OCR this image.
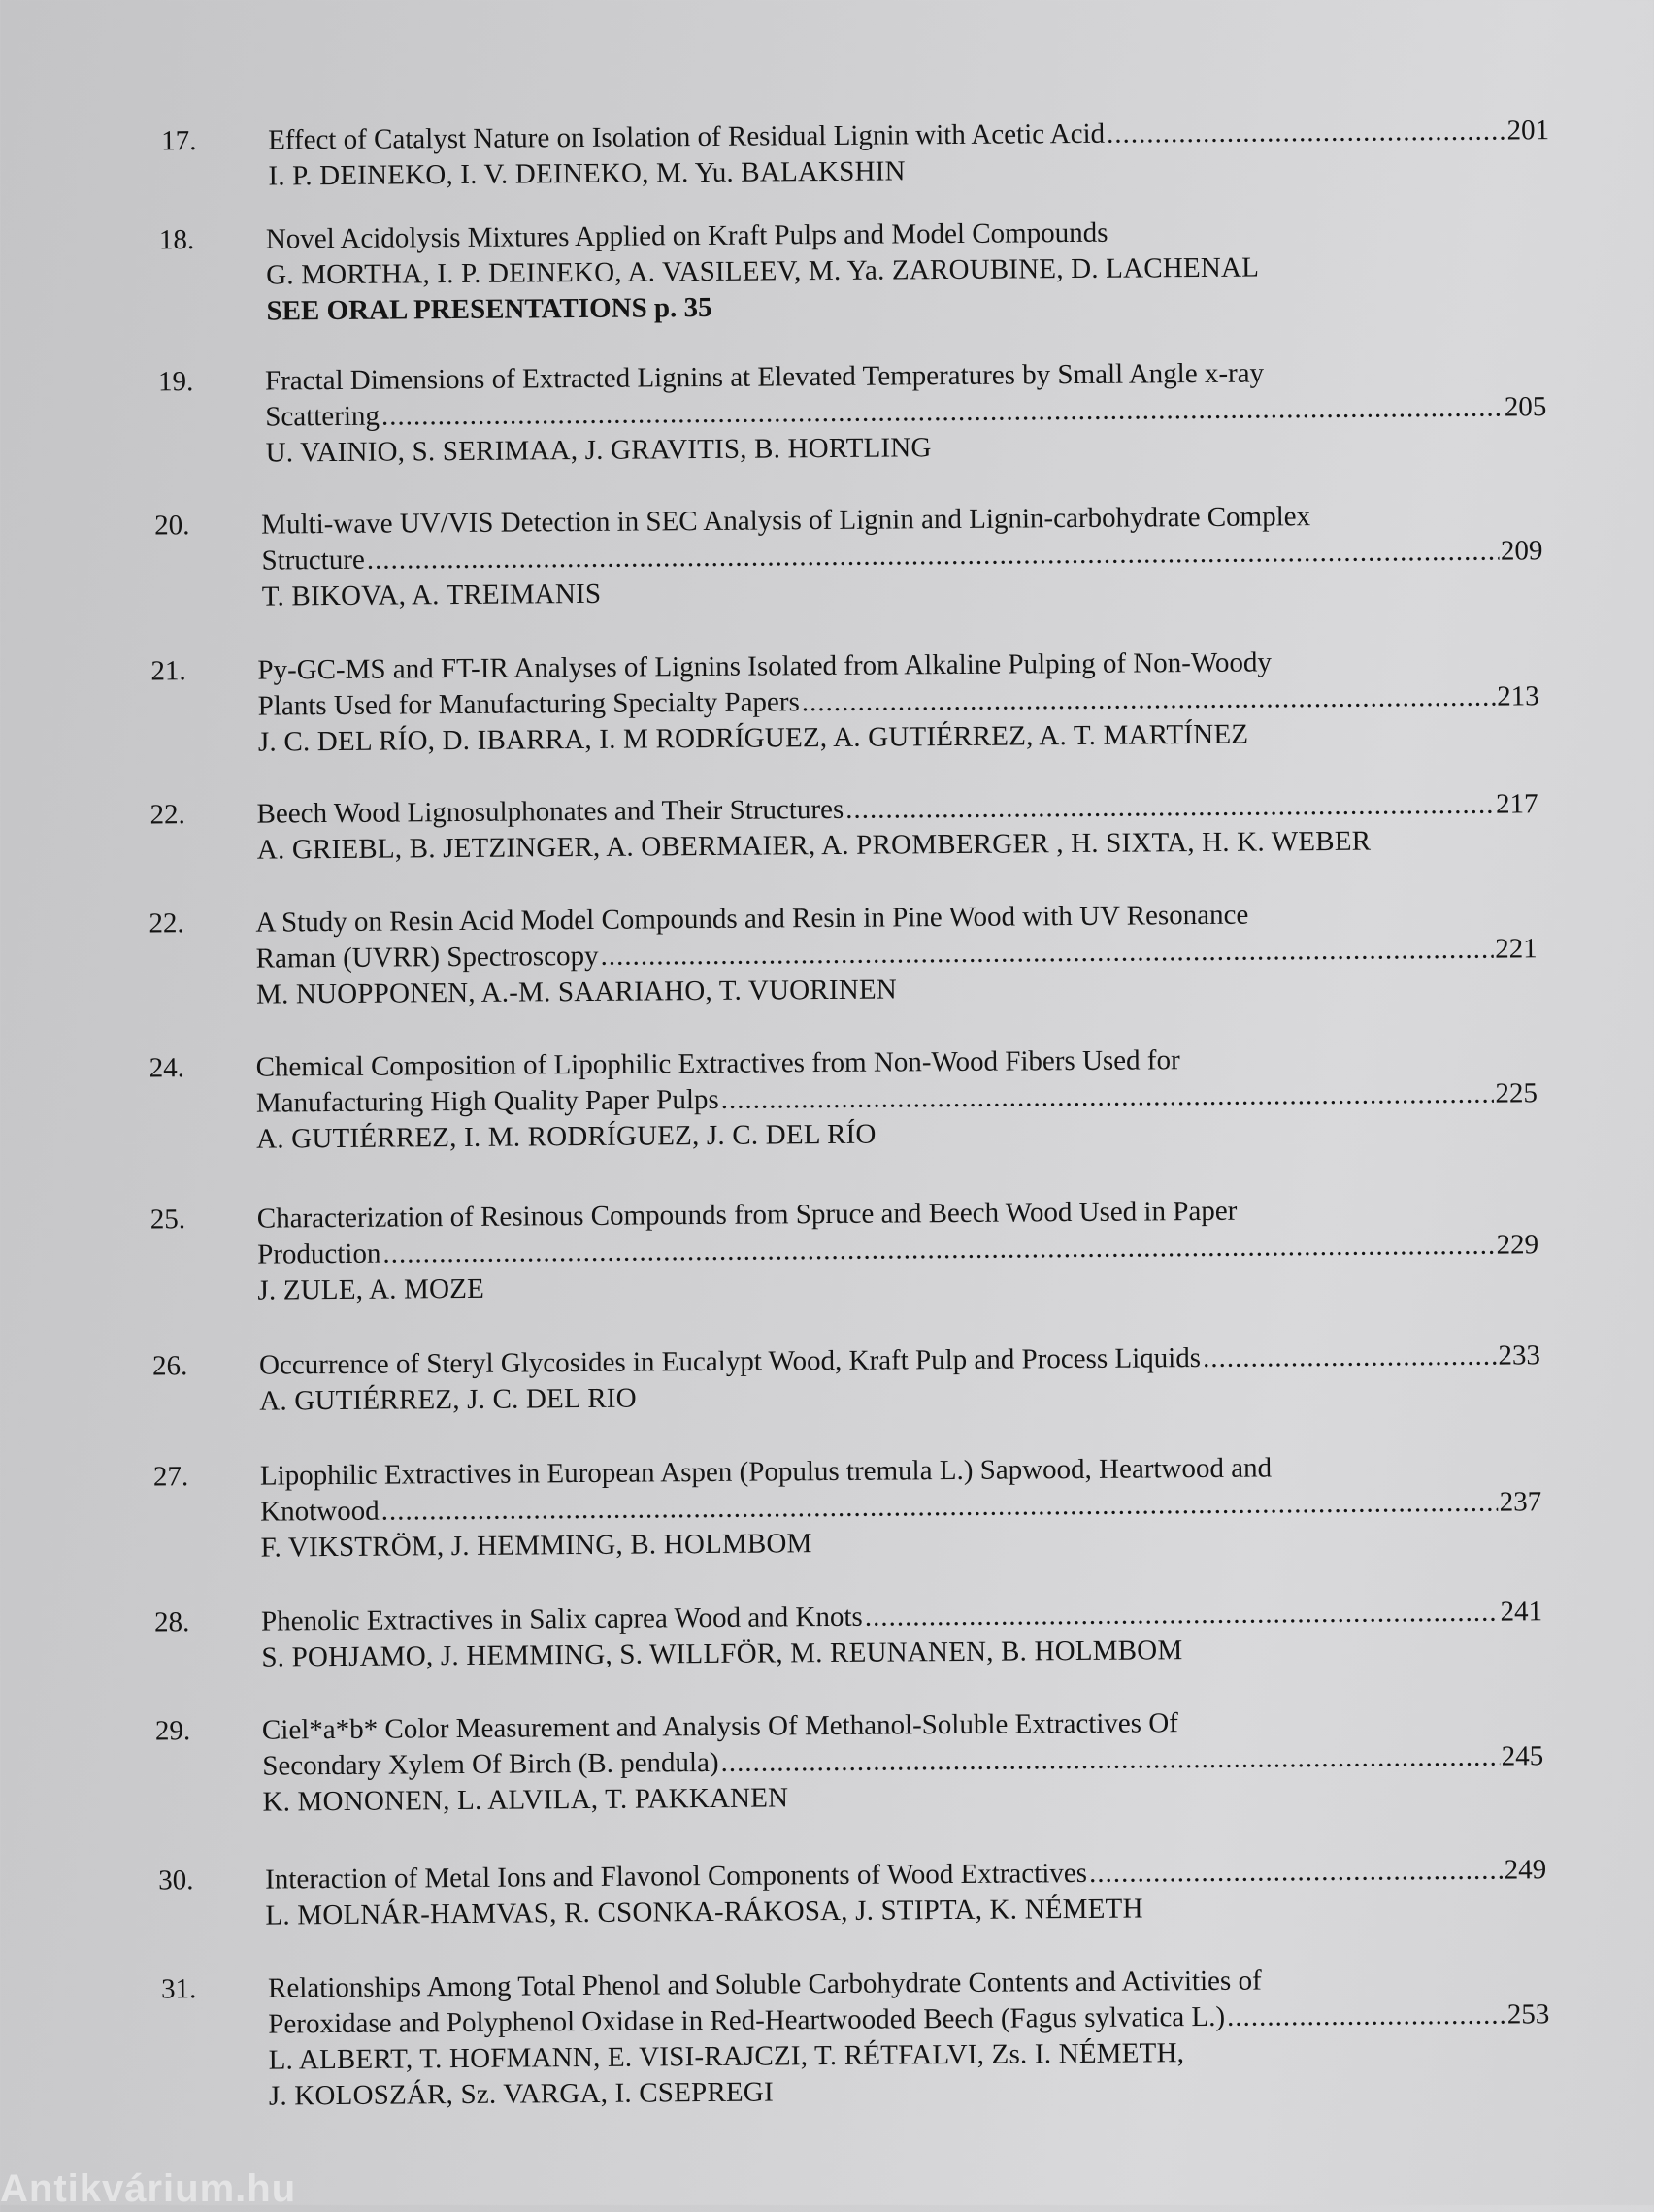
17.	Effect of Catalyst Nature on Isolation of Residual Lignin with Acetic Acid .....	201
I. P. DEINEKO, I. V. DEINEKO, M. Yu. BALAKSHIN
18.	Novel Acidolysis Mixtures Applied on Kraft Pulps and Model Compounds
G. MORTHA, I. P. DEINEKO, A. VASILEEV, M. Ya. ZAROUBINE, D. LACHENAL
SEE ORAL PRESENTATIONS p. 35
19.	Fractal Dimensions of Extracted Lignins at Elevated Temperatures by Small Angle x-ray
Scattering .....	205
U. VAINIO, S. SERIMAA, J. GRAVITIS, B. HORTLING
20.	Multi-wave UV/VIS Detection in SEC Analysis of Lignin and Lignin-carbohydrate Complex
Structure .....	209
T. BIKOVA, A. TREIMANIS
21.	Py-GC-MS and FT-IR Analyses of Lignins Isolated from Alkaline Pulping of Non-Woody
Plants Used for Manufacturing Specialty Papers .....	213
J. C. DEL RÍO, D. IBARRA, I. M RODRÍGUEZ, A. GUTIÉRREZ, A. T. MARTÍNEZ
22.	Beech Wood Lignosulphonates and Their Structures .....	217
A. GRIEBL, B. JETZINGER, A. OBERMAIER, A. PROMBERGER , H. SIXTA, H. K. WEBER
22.	A Study on Resin Acid Model Compounds and Resin in Pine Wood with UV Resonance
Raman (UVRR) Spectroscopy .....	221
M. NUOPPONEN, A.-M. SAARIAHO, T. VUORINEN
24.	Chemical Composition of Lipophilic Extractives from Non-Wood Fibers Used for
Manufacturing High Quality Paper Pulps .....	225
A. GUTIÉRREZ, I. M. RODRÍGUEZ, J. C. DEL RÍO
25.	Characterization of Resinous Compounds from Spruce and Beech Wood Used in Paper
Production .....	229
J. ZULE, A. MOZE
26.	Occurrence of Steryl Glycosides in Eucalypt Wood, Kraft Pulp and Process Liquids .....	233
A. GUTIÉRREZ, J. C. DEL RIO
27.	Lipophilic Extractives in European Aspen (Populus tremula L.) Sapwood, Heartwood and
Knotwood .....	237
F. VIKSTRÖM, J. HEMMING, B. HOLMBOM
28.	Phenolic Extractives in Salix caprea Wood and Knots .....	241
S. POHJAMO, J. HEMMING, S. WILLFÖR, M. REUNANEN, B. HOLMBOM
29.	Ciel*a*b* Color Measurement and Analysis Of Methanol-Soluble Extractives Of
Secondary Xylem Of Birch (B. pendula) .....	245
K. MONONEN, L. ALVILA, T. PAKKANEN
30.	Interaction of Metal Ions and Flavonol Components of Wood Extractives .....	249
L. MOLNÁR-HAMVAS, R. CSONKA-RÁKOSA, J. STIPTA, K. NÉMETH
31.	Relationships Among Total Phenol and Soluble Carbohydrate Contents and Activities of
Peroxidase and Polyphenol Oxidase in Red-Heartwooded Beech (Fagus sylvatica L.) .....	253
L. ALBERT, T. HOFMANN, E. VISI-RAJCZI, T. RÉTFALVI, Zs. I. NÉMETH,
J. KOLOSZÁR, Sz. VARGA, I. CSEPREGI
Antikvárium.hu
